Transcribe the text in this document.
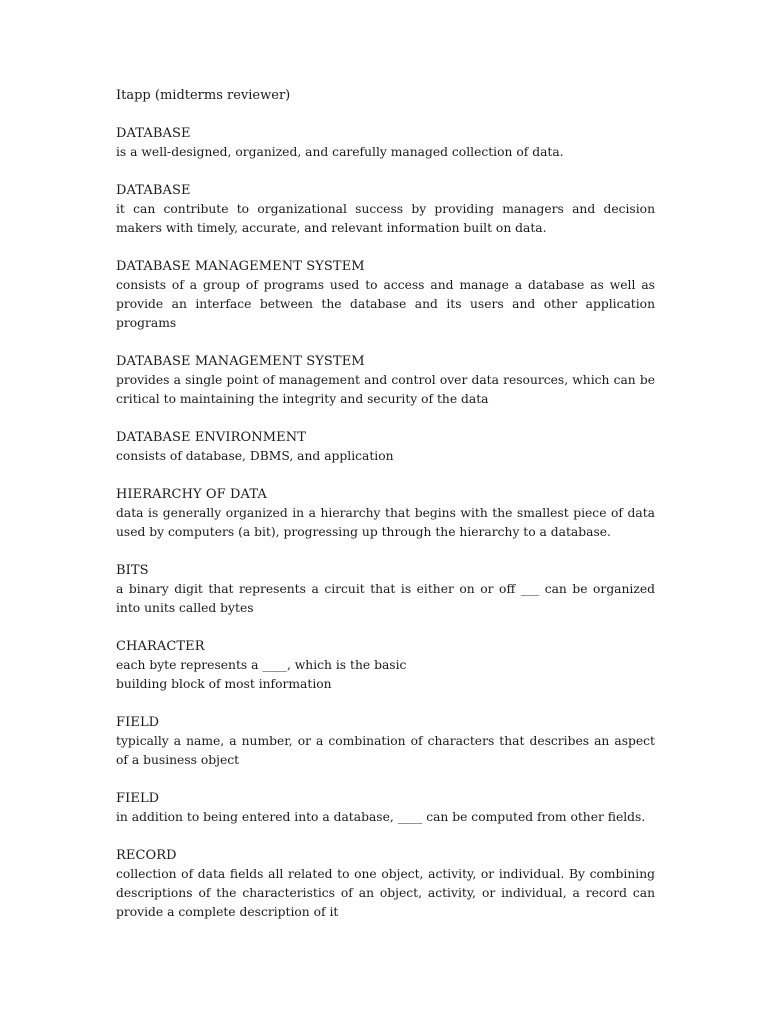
Itapp (midterms reviewer)
DATABASE
is a well-designed, organized, and carefully managed collection of data.
DATABASE
it can contribute to organizational success by providing managers and decision makers with timely, accurate, and relevant information built on data.
DATABASE MANAGEMENT SYSTEM
consists of a group of programs used to access and manage a database as well as provide an interface between the database and its users and other application programs
DATABASE MANAGEMENT SYSTEM
provides a single point of management and control over data resources, which can be critical to maintaining the integrity and security of the data
DATABASE ENVIRONMENT
consists of database, DBMS, and application
HIERARCHY OF DATA
data is generally organized in a hierarchy that begins with the smallest piece of data used by computers (a bit), progressing up through the hierarchy to a database.
BITS
a binary digit that represents a circuit that is either on or off ___ can be organized into units called bytes
CHARACTER
each byte represents a ____, which is the basic
building block of most information
FIELD
typically a name, a number, or a combination of characters that describes an aspect of a business object
FIELD
in addition to being entered into a database, ____ can be computed from other fields.
RECORD
collection of data fields all related to one object, activity, or individual. By combining descriptions of the characteristics of an object, activity, or individual, a record can provide a complete description of it
